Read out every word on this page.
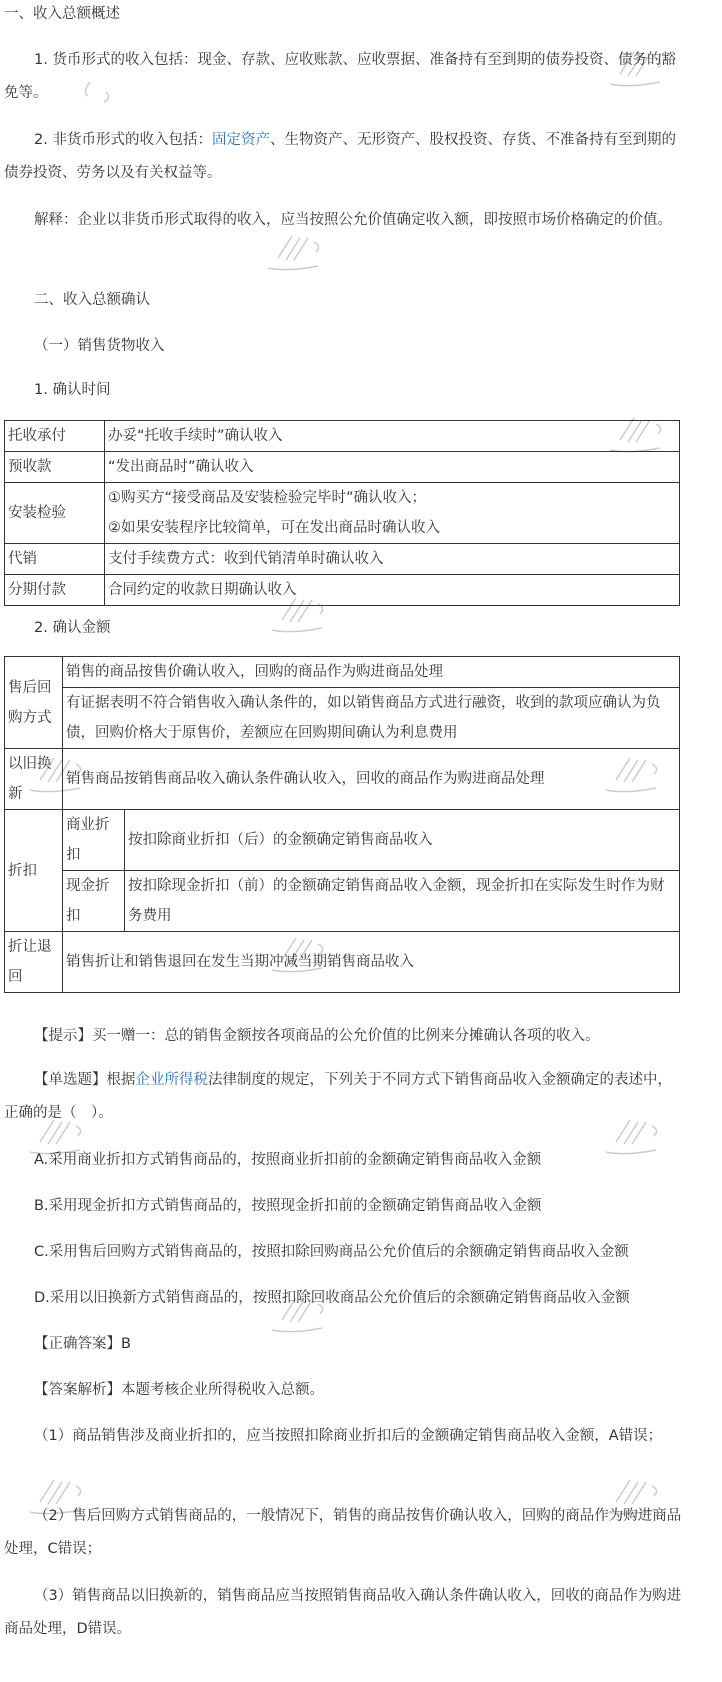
一、收入总额概述

1. 货币形式的收入包括：现金、存款、应收账款、应收票据、准备持有至到期的债券投资、债务的豁免等。

2. 非货币形式的收入包括：固定资产、生物资产、无形资产、股权投资、存货、不准备持有至到期的债券投资、劳务以及有关权益等。

解释：企业以非货币形式取得的收入，应当按照公允价值确定收入额，即按照市场价格确定的价值。

二、收入总额确认

（一）销售货物收入

1. 确认时间

托收承付	办妥“托收手续时”确认收入
预收款	“发出商品时”确认收入
安装检验	①购买方“接受商品及安装检验完毕时”确认收入；
②如果安装程序比较简单，可在发出商品时确认收入

代销	支付手续费方式：收到代销清单时确认收入
分期付款	合同约定的收款日期确认收入

2. 确认金额

售后回购方式	销售的商品按售价确认收入，回购的商品作为购进商品处理	
	有证据表明不符合销售收入确认条件的，如以销售商品方式进行融资，收到的款项应确认为负债，回购价格大于原售价，差额应在回购期间确认为利息费用	
以旧换新	销售商品按销售商品收入确认条件确认收入，回收的商品作为购进商品处理	
折扣	商业折扣	按扣除商业折扣（后）的金额确定销售商品收入
	现金折扣	按扣除现金折扣（前）的金额确定销售商品收入金额，现金折扣在实际发生时作为财务费用
折让退回	销售折让和销售退回在发生当期冲减当期销售商品收入	

【提示】买一赠一：总的销售金额按各项商品的公允价值的比例来分摊确认各项的收入。

【单选题】根据企业所得税法律制度的规定，下列关于不同方式下销售商品收入金额确定的表述中，正确的是（　）。

A.采用商业折扣方式销售商品的，按照商业折扣前的金额确定销售商品收入金额

B.采用现金折扣方式销售商品的，按照现金折扣前的金额确定销售商品收入金额

C.采用售后回购方式销售商品的，按照扣除回购商品公允价值后的余额确定销售商品收入金额

D.采用以旧换新方式销售商品的，按照扣除回收商品公允价值后的余额确定销售商品收入金额

【正确答案】B

【答案解析】本题考核企业所得税收入总额。

（1）商品销售涉及商业折扣的，应当按照扣除商业折扣后的金额确定销售商品收入金额，A错误；

（2）售后回购方式销售商品的，一般情况下，销售的商品按售价确认收入，回购的商品作为购进商品处理，C错误；

（3）销售商品以旧换新的，销售商品应当按照销售商品收入确认条件确认收入，回收的商品作为购进商品处理，D错误。
